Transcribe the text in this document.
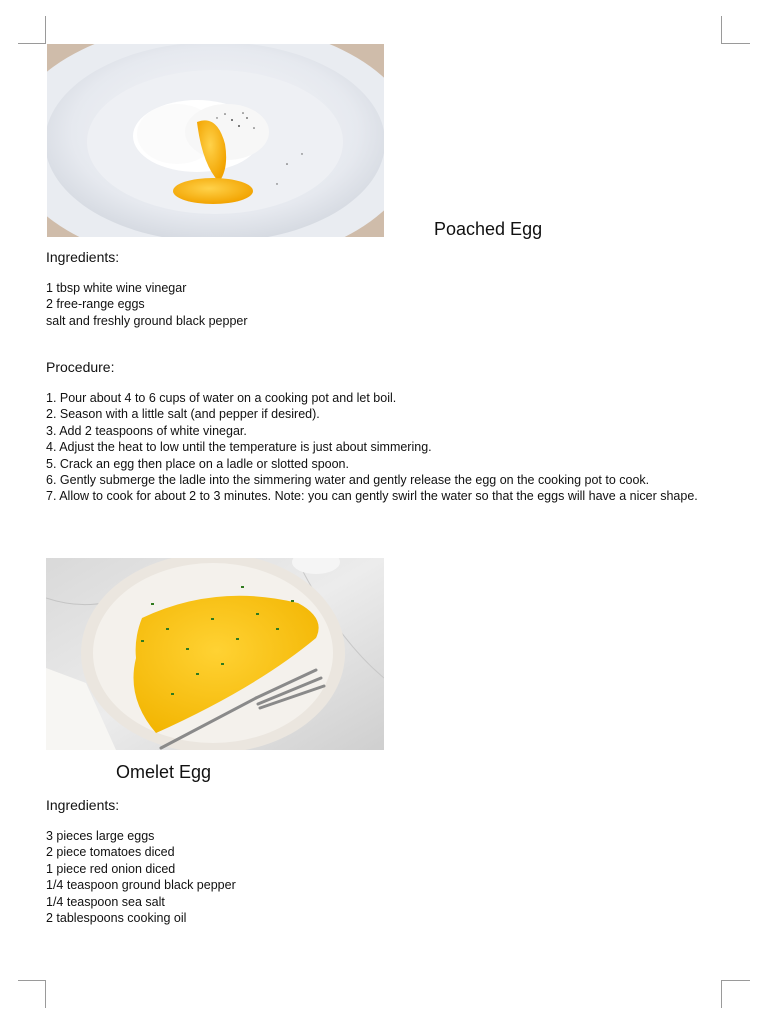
Poached Egg
Ingredients:
1 tbsp white wine vinegar
2 free-range eggs
salt and freshly ground black pepper
Procedure:
1. Pour about 4 to 6 cups of water on a cooking pot and let boil.
2. Season with a little salt (and pepper if desired).
3. Add 2 teaspoons of white vinegar.
4. Adjust the heat to low until the temperature is just about simmering.
5. Crack an egg then place on a ladle or slotted spoon.
6. Gently submerge the ladle into the simmering water and gently release the egg on the cooking pot to cook.
7. Allow to cook for about 2 to 3 minutes. Note: you can gently swirl the water so that the eggs will have a nicer shape.
Omelet Egg
Ingredients:
3 pieces large eggs
2 piece tomatoes diced
1 piece red onion diced
1/4 teaspoon ground black pepper
1/4 teaspoon sea salt
2 tablespoons cooking oil
